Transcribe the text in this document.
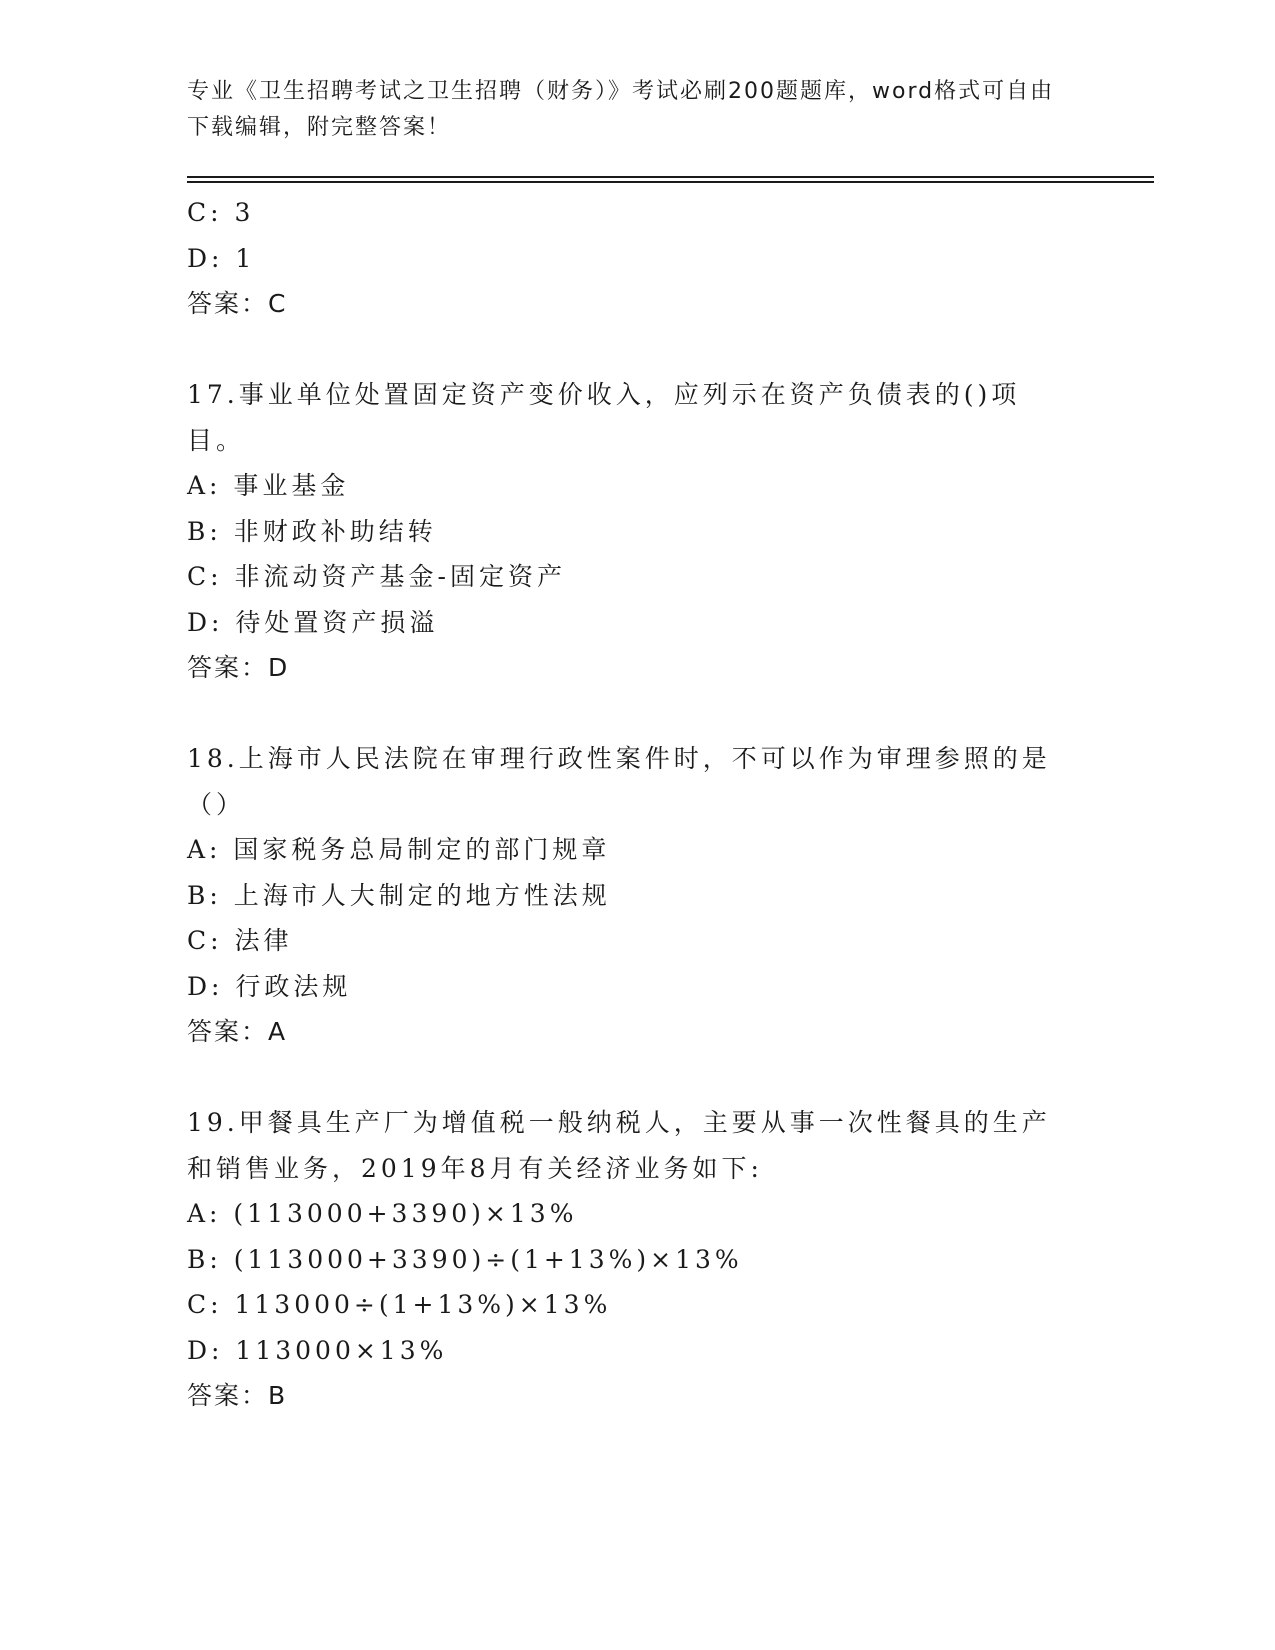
专业《卫生招聘考试之卫生招聘（财务）》考试必刷200题题库，word格式可自由下载编辑，附完整答案！
C: 3
D: 1
答案：C
17.事业单位处置固定资产变价收入，应列示在资产负债表的()项目。
A: 事业基金
B: 非财政补助结转
C: 非流动资产基金-固定资产
D: 待处置资产损溢
答案：D
18.上海市人民法院在审理行政性案件时，不可以作为审理参照的是（）
A: 国家税务总局制定的部门规章
B: 上海市人大制定的地方性法规
C: 法律
D: 行政法规
答案：A
19.甲餐具生产厂为增值税一般纳税人，主要从事一次性餐具的生产和销售业务，2019年8月有关经济业务如下:
A: (113000+3390)×13%
B: (113000+3390)÷(1+13%)×13%
C: 113000÷(1+13%)×13%
D: 113000×13%
答案：B
